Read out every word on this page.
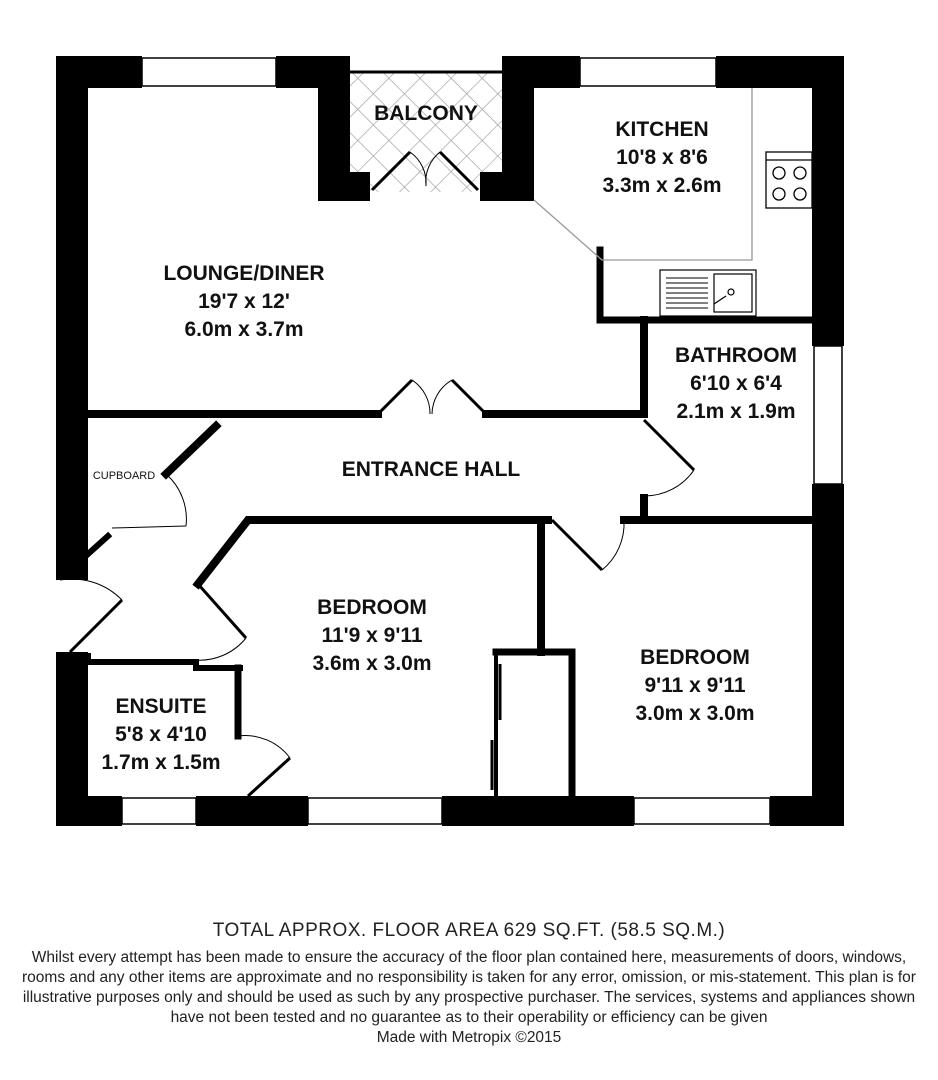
BALCONY
KITCHEN
10'8 x 8'6
3.3m x 2.6m
LOUNGE/DINER
19'7 x 12'
6.0m x 3.7m
BATHROOM
6'10 x 6'4
2.1m x 1.9m
ENTRANCE HALL
CUPBOARD
BEDROOM
11'9 x 9'11
3.6m x 3.0m	BEDROOM
9'11 x 9'11
3.0m x 3.0m
ENSUITE
5'8 x 4'10
1.7m x 1.5m
TOTAL APPROX. FLOOR AREA 629 SQ.FT. (58.5 SQ.M.)
Whilst every attempt has been made to ensure the accuracy of the floor plan contained here, measurements of doors, windows, rooms and any other items are approximate and no responsibility is taken for any error, omission, or mis-statement. This plan is for illustrative purposes only and should be used as such by any prospective purchaser. The services, systems and appliances shown have not been tested and no guarantee as to their operability or efficiency can be given
Made with Metropix ©2015
